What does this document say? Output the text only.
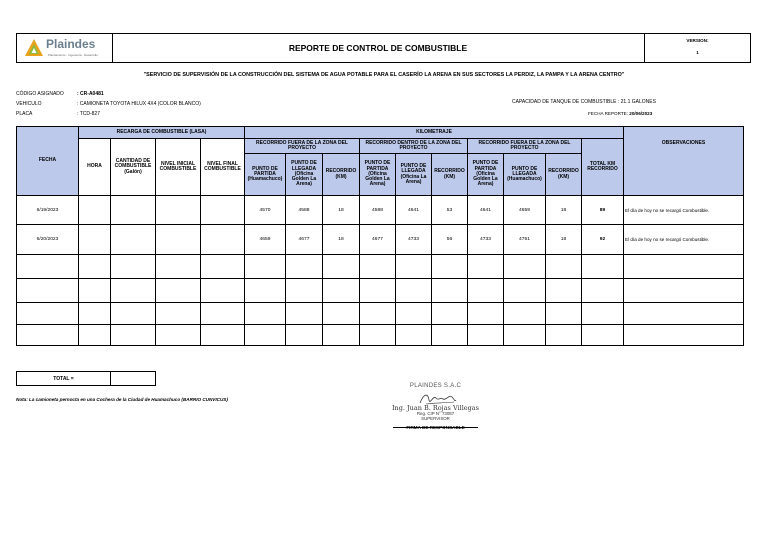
Plaindes
Plantamiento · Ingeniería · Desarrollo
REPORTE DE CONTROL DE COMBUSTIBLE
VERSION:
1
"SERVICIO DE SUPERVISIÓN DE LA CONSTRUCCIÓN DEL SISTEMA DE AGUA POTABLE PARA EL CASERÍO LA ARENA EN SUS SECTORES LA PERDIZ, LA PAMPA Y LA ARENA CENTRO"
CÓDIGO ASIGNADO	: CR-A0481
VEHICULO	: CAMIONETA TOYOTA HILUX 4X4 (COLOR BLANCO)
PLACA	: TCD-827
CAPACIDAD DE TANQUE DE COMBUSTIBLE : 21.1 GALONES
FECHA REPORTE: 20/06/2023
FECHA	RECARGA DE COMBUSTIBLE (LASA)				KILOMETRAJE										OBSERVACIONES
	HORA	CANTIDAD DE COMBUSTIBLE (Galón)	NIVEL INICIAL COMBUSTIBLE	NIVEL FINAL COMBUSTIBLE	RECORRIDO FUERA DE LA ZONA DEL PROYECTO			RECORRIDO DENTRO DE LA ZONA DEL PROYECTO			RECORRIDO FUERA DE LA ZONA DEL PROYECTO			TOTAL KM RECORRIDO	
					PUNTO DE PARTIDA (Huamachuco)	PUNTO DE LLEGADA (Oficina Golden La Arena)	RECORRIDO (KM)	PUNTO DE PARTIDA (Oficina Golden La Arena)	PUNTO DE LLEGADA (Oficina La Arena)	RECORRIDO (KM)	PUNTO DE PARTIDA (Oficina Golden La Arena)	PUNTO DE LLEGADA (Huamachuco)	RECORRIDO (KM)		
6/19/2023					4570	4588	18	4588	4641	53	4641	4659	18	89	El día de hoy no se recargó Combustible.
6/20/2023					4659	4677	18	4677	4733	56	4733	4751	18	92	El día de hoy no se recargó Combustible.

TOTAL =
Nota: La camioneta pernocta en una Cochera de la Ciudad de Huamachuco (BARRIO CUNVICUS)
PLAINDES S.A.C
Ing. Juan B. Rojas Villegas
Reg. CIP N° 73087
SUPERVISOR
FIRMA DE RESPONSABLE
